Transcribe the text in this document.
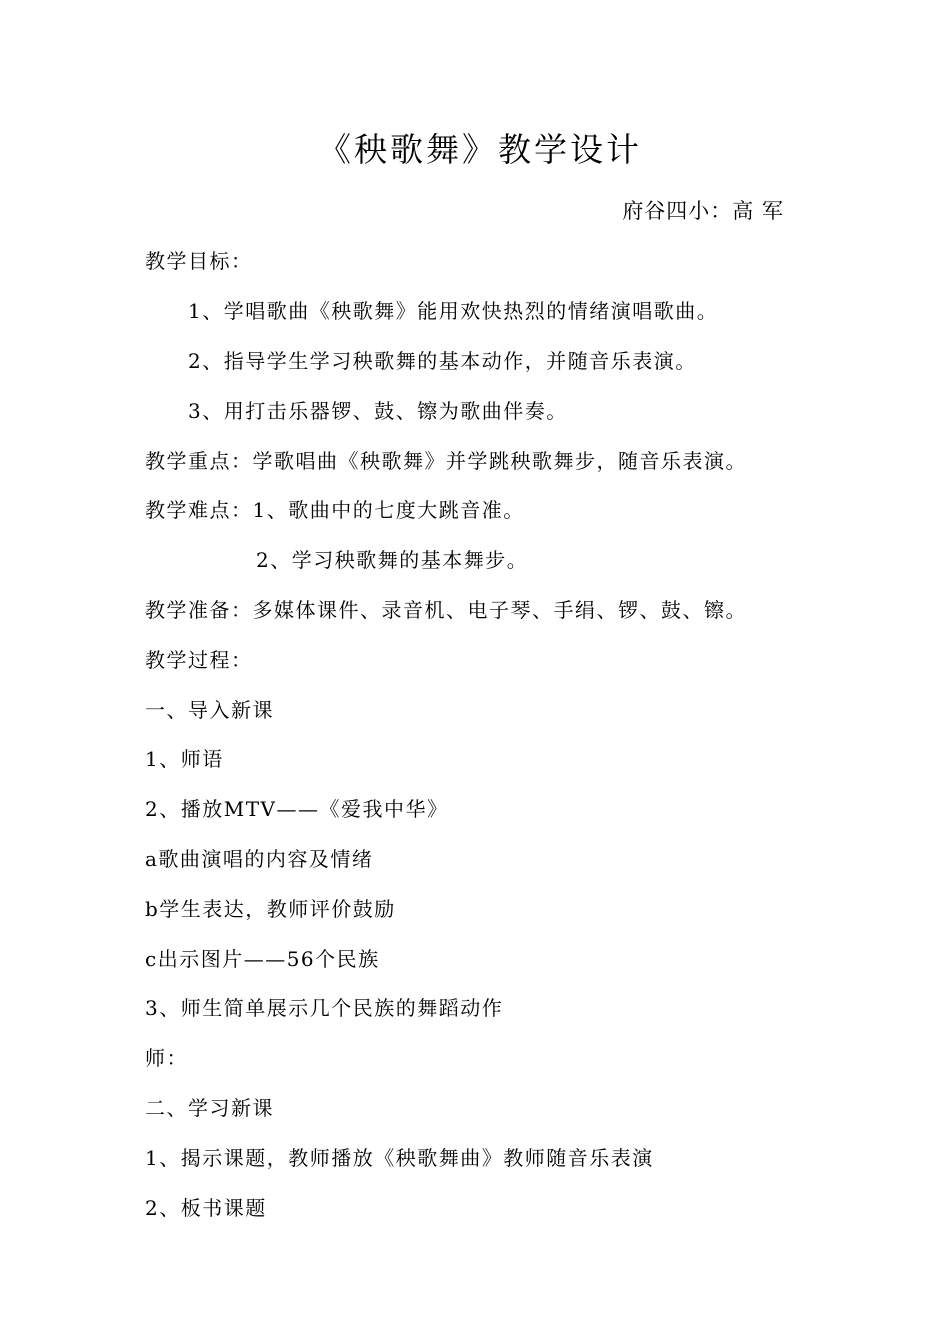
《秧歌舞》教学设计
府谷四小：高 军
教学目标：
1、学唱歌曲《秧歌舞》能用欢快热烈的情绪演唱歌曲。
2、指导学生学习秧歌舞的基本动作，并随音乐表演。
3、用打击乐器锣、鼓、镲为歌曲伴奏。
教学重点：学歌唱曲《秧歌舞》并学跳秧歌舞步，随音乐表演。
教学难点：1、歌曲中的七度大跳音准。
2、学习秧歌舞的基本舞步。
教学准备：多媒体课件、录音机、电子琴、手绢、锣、鼓、镲。
教学过程：
一、导入新课
1、师语
2、播放MTV——《爱我中华》
a歌曲演唱的内容及情绪
b学生表达，教师评价鼓励
c出示图片——56个民族
3、师生简单展示几个民族的舞蹈动作
师：
二、学习新课
1、揭示课题，教师播放《秧歌舞曲》教师随音乐表演
2、板书课题
